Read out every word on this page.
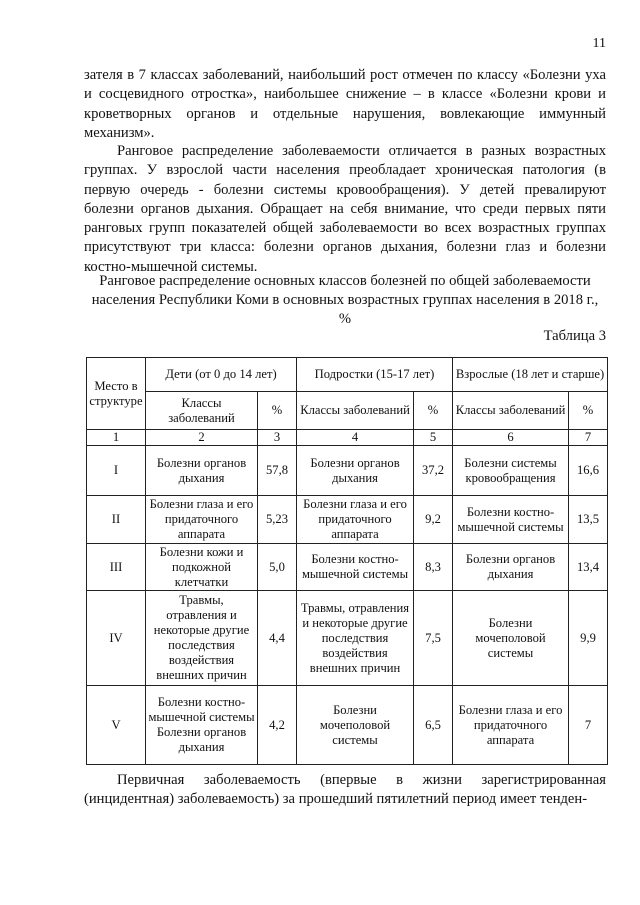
11

зателя в 7 классах заболеваний, наибольший рост отмечен по классу «Болезни уха и сосцевидного отростка», наибольшее снижение – в классе «Болезни крови и кроветворных органов и отдельные нарушения, вовлекающие иммунный механизм».

Ранговое распределение заболеваемости отличается в разных возрастных группах. У взрослой части населения преобладает хроническая патология (в первую очередь - болезни системы кровообращения). У детей превалируют болезни органов дыхания. Обращает на себя внимание, что среди первых пяти ранговых групп показателей общей заболеваемости во всех возрастных группах присутствуют три класса: болезни органов дыхания, болезни глаз и болезни костно-мышечной системы.

Ранговое распределение основных классов болезней по общей заболеваемости населения Республики Коми в основных возрастных группах населения в 2018 г., %

Таблица 3
Место в структуре	Дети (от 0 до 14 лет)		Подростки (15-17 лет)		Взрослые (18 лет и старше)	
	Классы заболеваний	%	Классы заболеваний	%	Классы заболеваний	%
1	2	3	4	5	6	7
I	Болезни органов дыхания	57,8	Болезни органов дыхания	37,2	Болезни системы кровообращения	16,6
II	Болезни глаза и его придаточного аппарата	5,23	Болезни глаза и его придаточного аппарата	9,2	Болезни костно-мышечной системы	13,5
III	Болезни кожи и подкожной клетчатки	5,0	Болезни костно-мышечной системы	8,3	Болезни органов дыхания	13,4
IV	Травмы, отравления и некоторые другие последствия воздействия внешних причин	4,4	Травмы, отравления и некоторые другие последствия воздействия внешних причин	7,5	Болезни мочеполовой системы	9,9
V	Болезни костно-мышечной системы Болезни органов дыхания	4,2	Болезни мочеполовой системы	6,5	Болезни глаза и его придаточного аппарата	7

Первичная заболеваемость (впервые в жизни зарегистрированная (инцидентная) заболеваемость) за прошедший пятилетний период имеет тенден-
